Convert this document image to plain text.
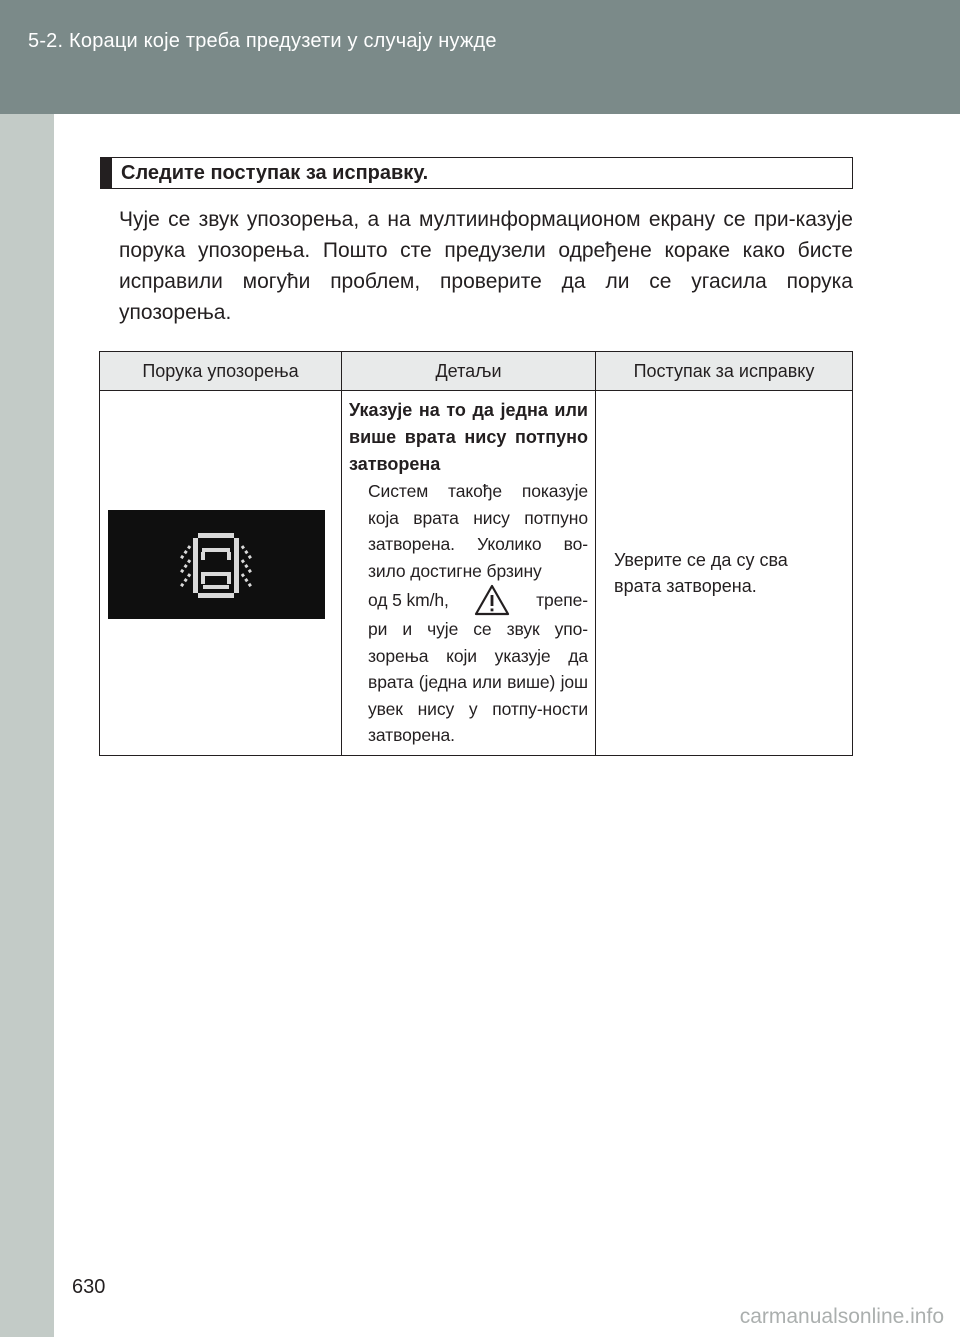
5-2. Кораци које треба предузети у случају нужде
Следите поступак за исправку.
Чује се звук упозорења, а на мултиинформационом екрану се при-казује порука упозорења. Пошто сте предузели одређене кораке како бисте исправили могући проблем, проверите да ли се угасила порука упозорења.
Порука упозорења	Детаљи	Поступак за исправку

Указује на то да једна или више врата нису потпуно затворена
Систем такође показује која врата нису потпуно затворена. Уколико во-зило достигне брзину
од 5 km/h, трепе-
ри и чује се звук упо-зорења који указује да врата (једна или више) још увек нису у потпу-ности затворена.	Уверите се да су сва врата затворена.
630
carmanualsonline.info
